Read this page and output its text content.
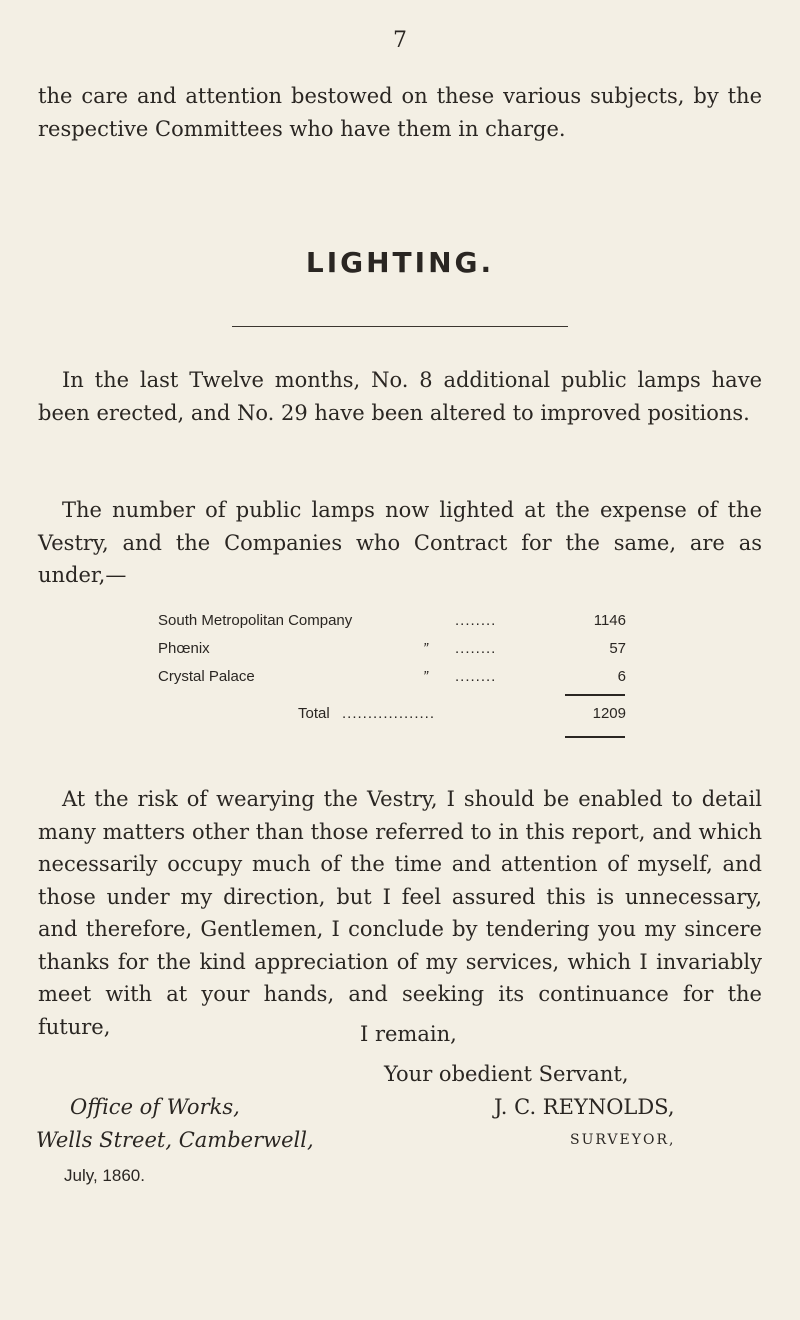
7

the care and attention bestowed on these various subjects, by the respective Committees who have them in charge.

LIGHTING.

In the last Twelve months, No. 8 additional public lamps have been erected, and No. 29 have been altered to improved positions.

The number of public lamps now lighted at the expense of the Vestry, and the Companies who Contract for the same, are as under,—

South Metropolitan Company	........	1146
Phœnix	” ........	57
Crystal Palace	” ........	6
Total ..................	1209

At the risk of wearying the Vestry, I should be enabled to detail many matters other than those referred to in this report, and which necessarily occupy much of the time and attention of myself, and those under my direction, but I feel assured this is unnecessary, and therefore, Gentlemen, I conclude by tendering you my sincere thanks for the kind appreciation of my services, which I invariably meet with at your hands, and seeking its continuance for the future,	I remain,
Your obedient Servant,
J. C. REYNOLDS,
SURVEYOR,
Office of Works,
Wells Street, Camberwell,
July, 1860.
